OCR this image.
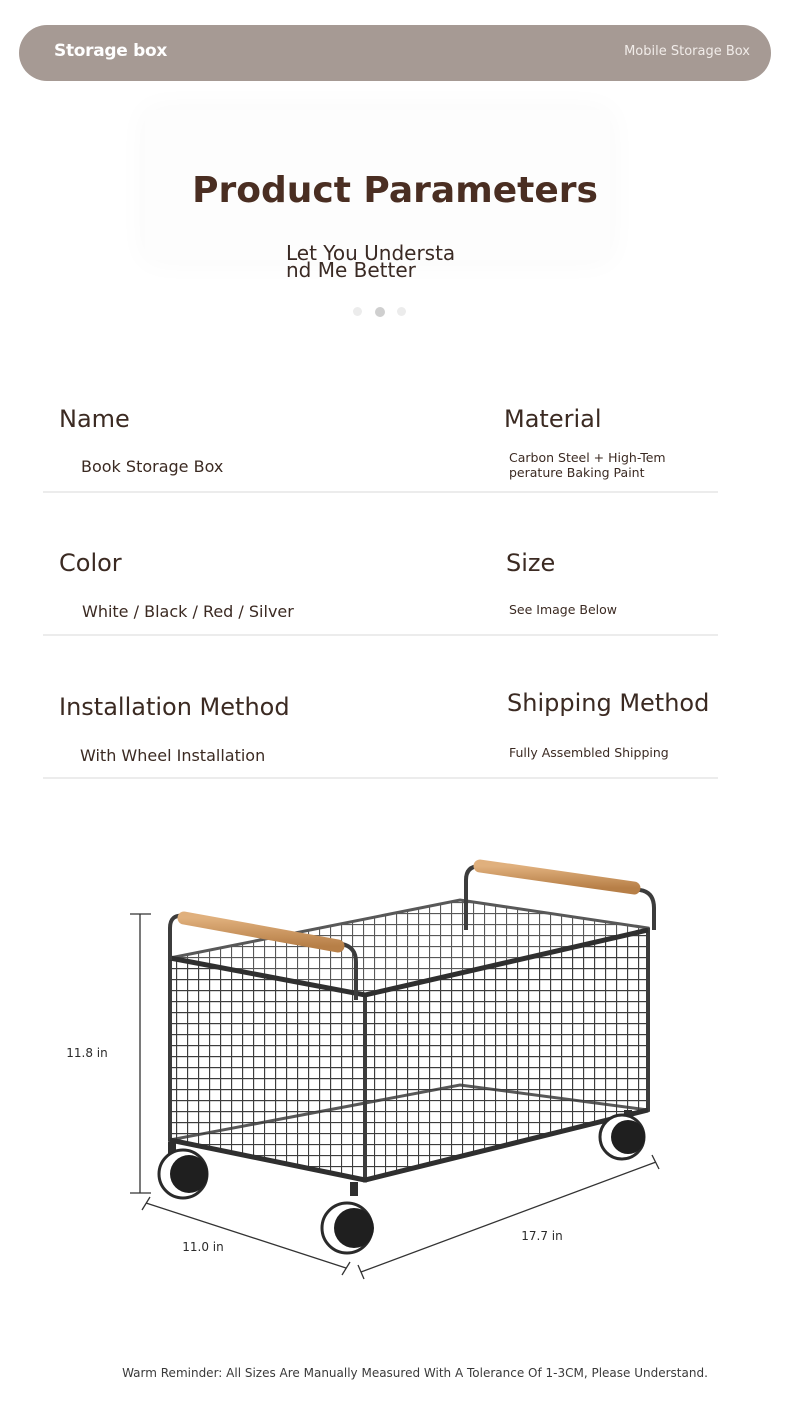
Storage box	Mobile Storage Box
Product Parameters
Let You Understa
nd Me Better
Name
Book Storage Box
Material
Carbon Steel + High-Tem
perature Baking Paint
Color
White / Black / Red / Silver
Size
See Image Below
Installation Method
With Wheel Installation
Shipping Method
Fully Assembled Shipping
11.8 in
11.0 in
17.7 in
Warm Reminder: All Sizes Are Manually Measured With A Tolerance Of 1-3CM, Please Understand.
